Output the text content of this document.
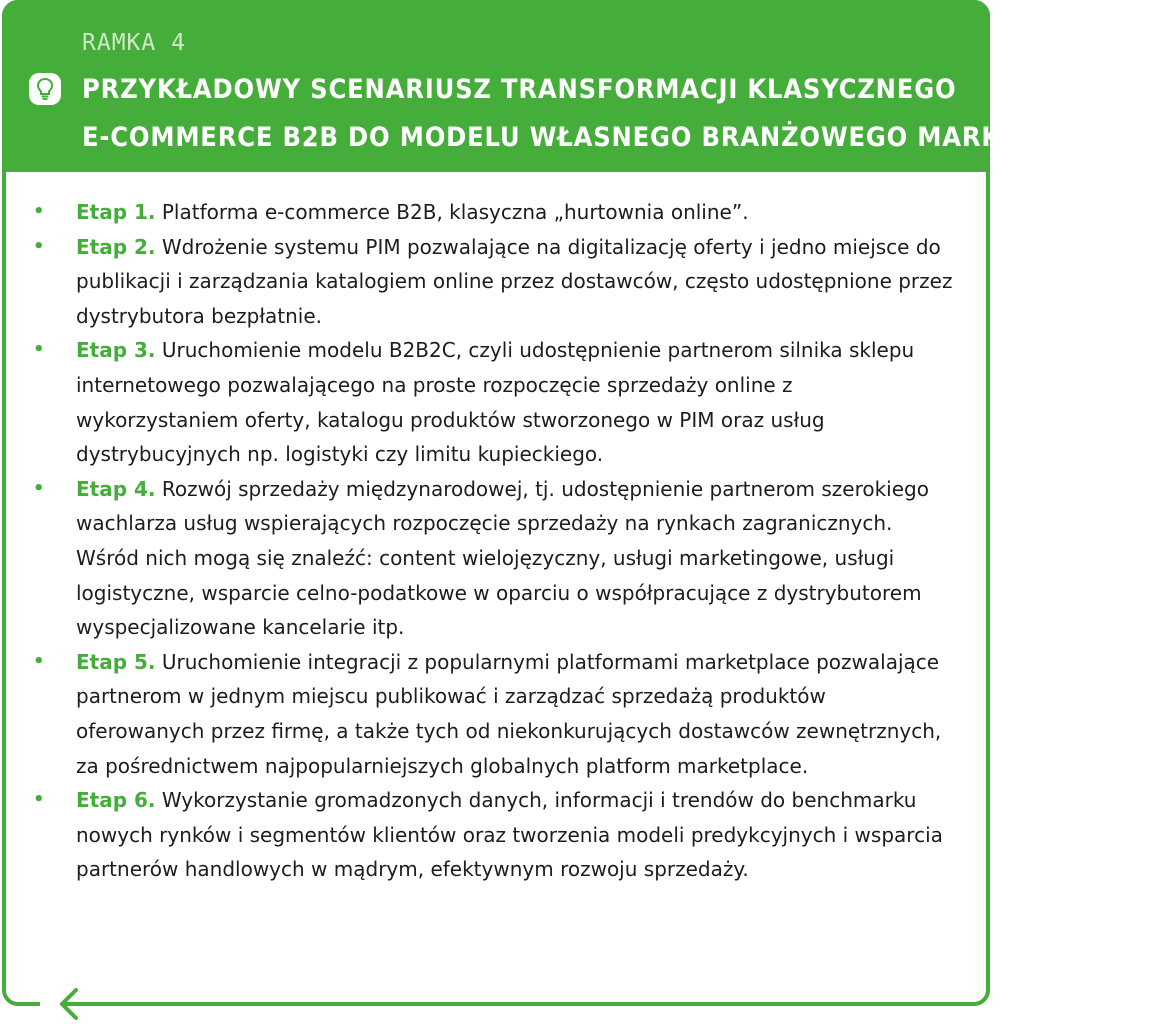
RAMKA 4
PRZYKŁADOWY SCENARIUSZ TRANSFORMACJI KLASYCZNEGO
E-COMMERCE B2B DO MODELU WŁASNEGO BRANŻOWEGO MARKETPLACE’U
• Etap 1. Platforma e-commerce B2B, klasyczna „hurtownia online”.
• Etap 2. Wdrożenie systemu PIM pozwalające na digitalizację oferty i jedno miejsce do publikacji i zarządzania katalogiem online przez dostawców, często udostępnione przez dystrybutora bezpłatnie.
• Etap 3. Uruchomienie modelu B2B2C, czyli udostępnienie partnerom silnika sklepu internetowego pozwalającego na proste rozpoczęcie sprzedaży online z wykorzystaniem oferty, katalogu produktów stworzonego w PIM oraz usług dystrybucyjnych np. logistyki czy limitu kupieckiego.
• Etap 4. Rozwój sprzedaży międzynarodowej, tj. udostępnienie partnerom szerokiego wachlarza usług wspierających rozpoczęcie sprzedaży na rynkach zagranicznych. Wśród nich mogą się znaleźć: content wielojęzyczny, usługi marketingowe, usługi logistyczne, wsparcie celno-podatkowe w oparciu o współpracujące z dystrybutorem wyspecjalizowane kancelarie itp.
• Etap 5. Uruchomienie integracji z popularnymi platformami marketplace pozwalające partnerom w jednym miejscu publikować i zarządzać sprzedażą produktów oferowanych przez firmę, a także tych od niekonkurujących dostawców zewnętrznych, za pośrednictwem najpopularniejszych globalnych platform marketplace.
• Etap 6. Wykorzystanie gromadzonych danych, informacji i trendów do benchmarku nowych rynków i segmentów klientów oraz tworzenia modeli predykcyjnych i wsparcia partnerów handlowych w mądrym, efektywnym rozwoju sprzedaży.
